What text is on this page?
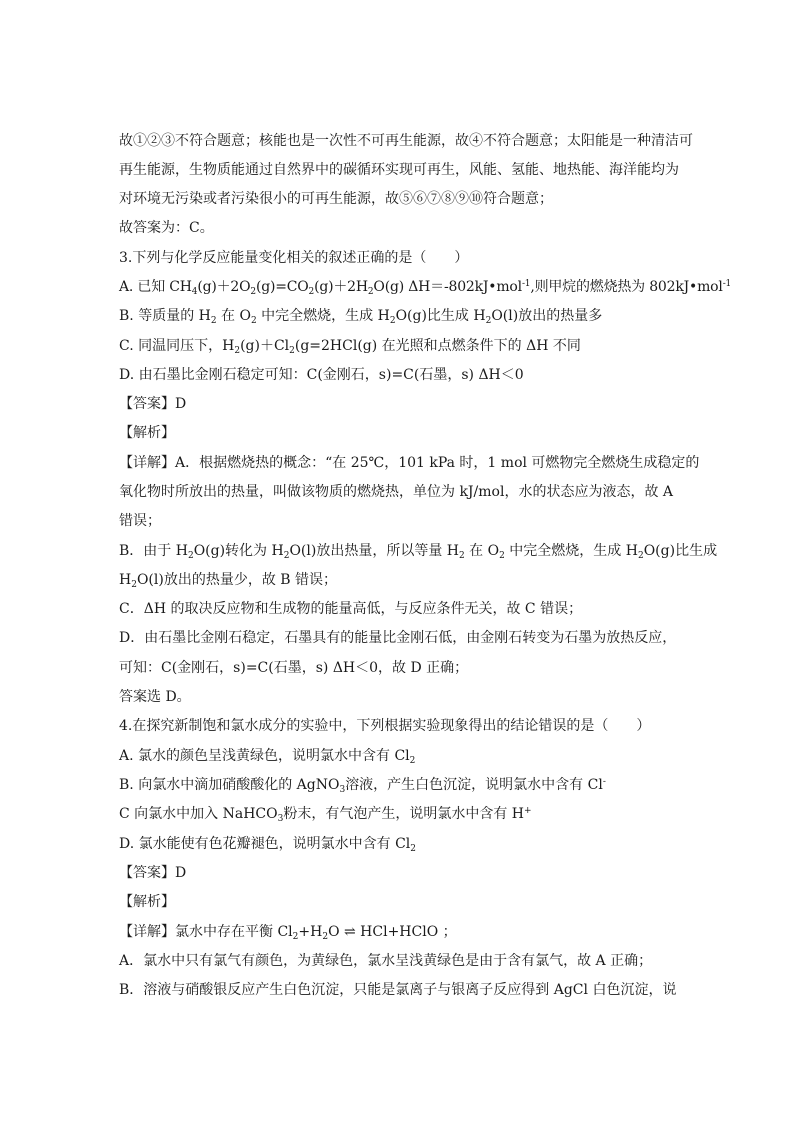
故①②③不符合题意；核能也是一次性不可再生能源，故④不符合题意；太阳能是一种清洁可
再生能源，生物质能通过自然界中的碳循环实现可再生，风能、氢能、地热能、海洋能均为
对环境无污染或者污染很小的可再生能源，故⑤⑥⑦⑧⑨⑩符合题意；
故答案为：C。
3.下列与化学反应能量变化相关的叙述正确的是（　　）
A. 已知 $CH_4(g)+2O_2(g)=CO_2(g)+2H_2O(g)$ ΔH＝-802kJ•mol$^{-1}$,则甲烷的燃烧热为 802kJ•mol$^{-1}$
B. 等质量的 $H_2$ 在 $O_2$ 中完全燃烧，生成 $H_2O(g)$比生成 $H_2O(l)$放出的热量多
C. 同温同压下，$H_2(g)+Cl_2(g=2HCl(g)$ 在光照和点燃条件下的 ΔH 不同
D. 由石墨比金刚石稳定可知：C(金刚石，s)=C(石墨，s) ΔH＜0
【答案】D
【解析】
【详解】A．根据燃烧热的概念：“在 25℃，101 kPa 时，1 mol 可燃物完全燃烧生成稳定的
氧化物时所放出的热量，叫做该物质的燃烧热，单位为 kJ/mol，水的状态应为液态，故 A
错误；
B．由于 $H_2O(g)$转化为 $H_2O(l)$放出热量，所以等量 $H_2$ 在 $O_2$ 中完全燃烧，生成 $H_2O(g)$比生成
$H_2O(l)$放出的热量少，故 B 错误；
C．ΔH 的取决反应物和生成物的能量高低，与反应条件无关，故 C 错误；
D．由石墨比金刚石稳定，石墨具有的能量比金刚石低，由金刚石转变为石墨为放热反应，
可知：C(金刚石，s)=C(石墨，s) ΔH＜0，故 D 正确；
答案选 D。
4.在探究新制饱和氯水成分的实验中，下列根据实验现象得出的结论错误的是（　　）
A. 氯水的颜色呈浅黄绿色，说明氯水中含有 $Cl_2$
B. 向氯水中滴加硝酸酸化的 AgNO$_3$溶液，产生白色沉淀，说明氯水中含有 Cl-
C 向氯水中加入 NaHCO$_3$粉末，有气泡产生，说明氯水中含有 H+
D. 氯水能使有色花瓣褪色，说明氯水中含有 $Cl_2$
【答案】D
【解析】
【详解】氯水中存在平衡 $Cl_2+H_2O$ ⇌ HCl+HClO ；
A．氯水中只有氯气有颜色，为黄绿色，氯水呈浅黄绿色是由于含有氯气，故 A 正确；
B．溶液与硝酸银反应产生白色沉淀，只能是氯离子与银离子反应得到 AgCl 白色沉淀，说
